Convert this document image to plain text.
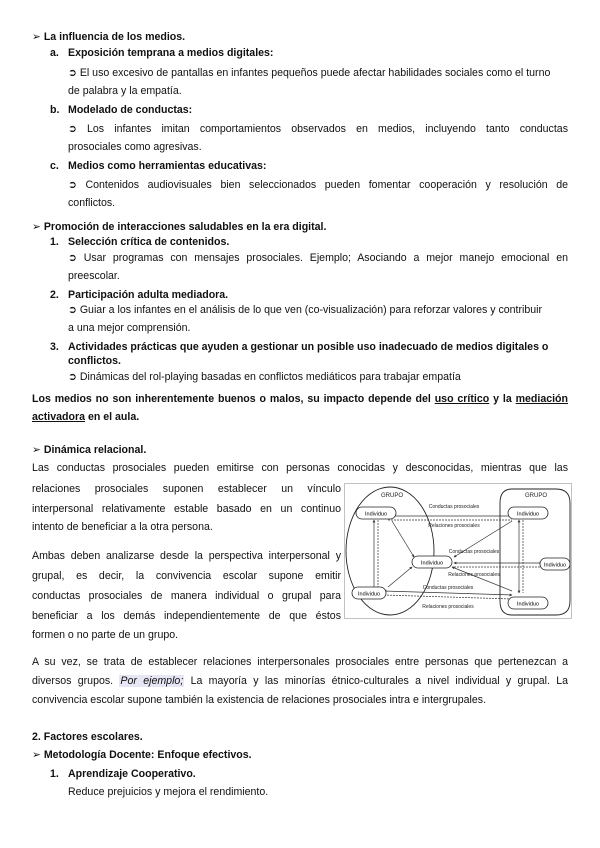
➢ La influencia de los medios.
a. Exposición temprana a medios digitales:
➲ El uso excesivo de pantallas en infantes pequeños puede afectar habilidades sociales como el turno
de palabra y la empatía.
b. Modelado de conductas:
➲ Los infantes imitan comportamientos observados en medios, incluyendo tanto conductas
prosociales como agresivas.
c. Medios como herramientas educativas:
➲ Contenidos audiovisuales bien seleccionados pueden fomentar cooperación y resolución de
conflictos.
➢ Promoción de interacciones saludables en la era digital.
1. Selección crítica de contenidos.
➲ Usar programas con mensajes prosociales. Ejemplo; Asociando a mejor manejo emocional en
preescolar.
2. Participación adulta mediadora.
➲ Guiar a los infantes en el análisis de lo que ven (co-visualización) para reforzar valores y contribuir
a una mejor comprensión.
3. Actividades prácticas que ayuden a gestionar un posible uso inadecuado de medios digitales o
conflictos.
➲ Dinámicas del rol-playing basadas en conflictos mediáticos para trabajar empatía
Los medios no son inherentemente buenos o malos, su impacto depende del uso crítico y la mediación
activadora en el aula.
➢ Dinámica relacional.
Las conductas prosociales pueden emitirse con personas conocidas y desconocidas, mientras que las
relaciones prosociales suponen establecer un vínculo
interpersonal relativamente estable basado en un continuo
intento de beneficiar a la otra persona.
Ambas deben analizarse desde la perspectiva interpersonal y
grupal, es decir, la convivencia escolar supone emitir
conductas prosociales de manera individual o grupal para
beneficiar a los demás independientemente de que éstos
formen o no parte de un grupo.
GRUPO	GRUPO
Individuo	Individuo
Individuo	Individuo
Individuo
Individuo
Conductas prosociales
Relaciones prosociales
Conductas prosociales
Relaciones prosociales
Conductas prosociales
Relaciones prosociales
A su vez, se trata de establecer relaciones interpersonales prosociales entre personas que pertenezcan a
diversos grupos. Por ejemplo; La mayoría y las minorías étnico-culturales a nivel individual y grupal. La
convivencia escolar supone también la existencia de relaciones prosociales intra e intergrupales.
2. Factores escolares.
➢ Metodología Docente: Enfoque efectivos.
1. Aprendizaje Cooperativo.
Reduce prejuicios y mejora el rendimiento.
